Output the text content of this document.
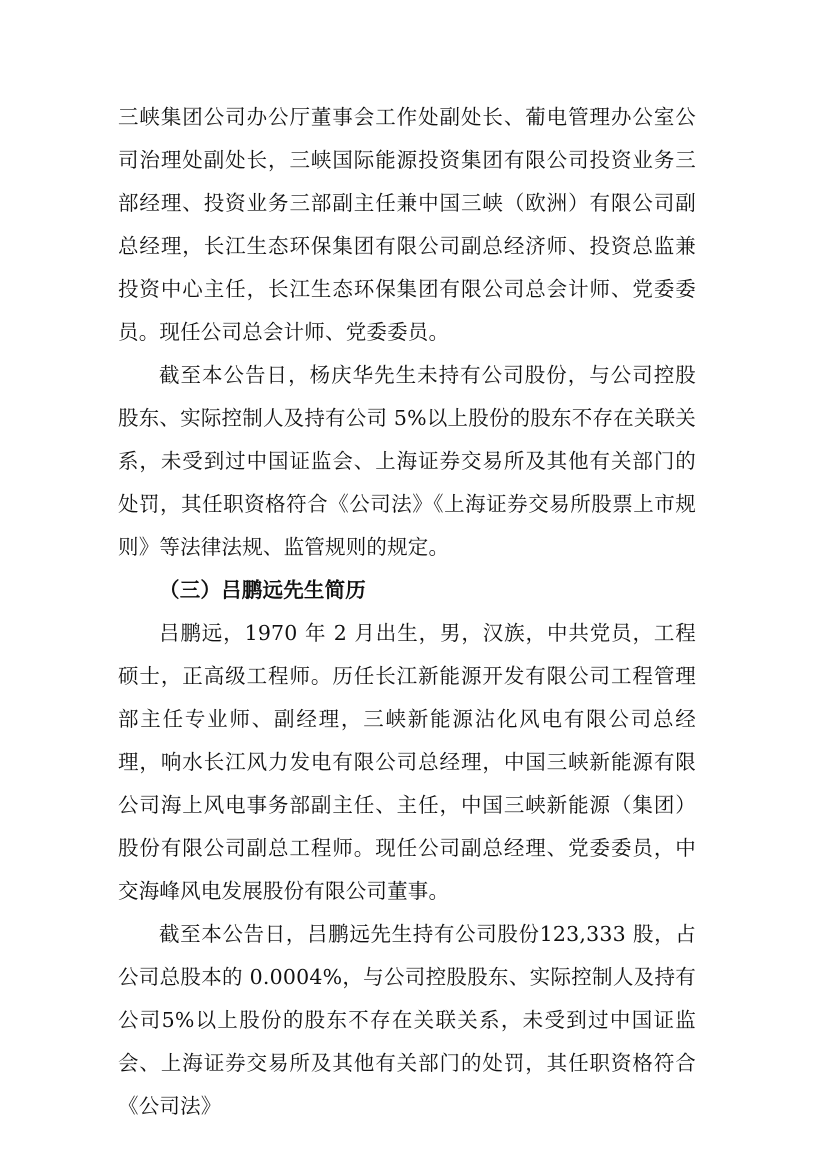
三峡集团公司办公厅董事会工作处副处长、葡电管理办公室公司治理处副处长，三峡国际能源投资集团有限公司投资业务三部经理、投资业务三部副主任兼中国三峡（欧洲）有限公司副总经理，长江生态环保集团有限公司副总经济师、投资总监兼投资中心主任，长江生态环保集团有限公司总会计师、党委委员。现任公司总会计师、党委委员。

截至本公告日，杨庆华先生未持有公司股份，与公司控股股东、实际控制人及持有公司 5%以上股份的股东不存在关联关系，未受到过中国证监会、上海证券交易所及其他有关部门的处罚，其任职资格符合《公司法》《上海证券交易所股票上市规则》等法律法规、监管规则的规定。

（三）吕鹏远先生简历

吕鹏远，1970 年 2 月出生，男，汉族，中共党员，工程硕士，正高级工程师。历任长江新能源开发有限公司工程管理部主任专业师、副经理，三峡新能源沾化风电有限公司总经理，响水长江风力发电有限公司总经理，中国三峡新能源有限公司海上风电事务部副主任、主任，中国三峡新能源（集团）股份有限公司副总工程师。现任公司副总经理、党委委员，中交海峰风电发展股份有限公司董事。

截至本公告日，吕鹏远先生持有公司股份123,333 股，占公司总股本的 0.0004%，与公司控股股东、实际控制人及持有公司5%以上股份的股东不存在关联关系，未受到过中国证监会、上海证券交易所及其他有关部门的处罚，其任职资格符合《公司法》
